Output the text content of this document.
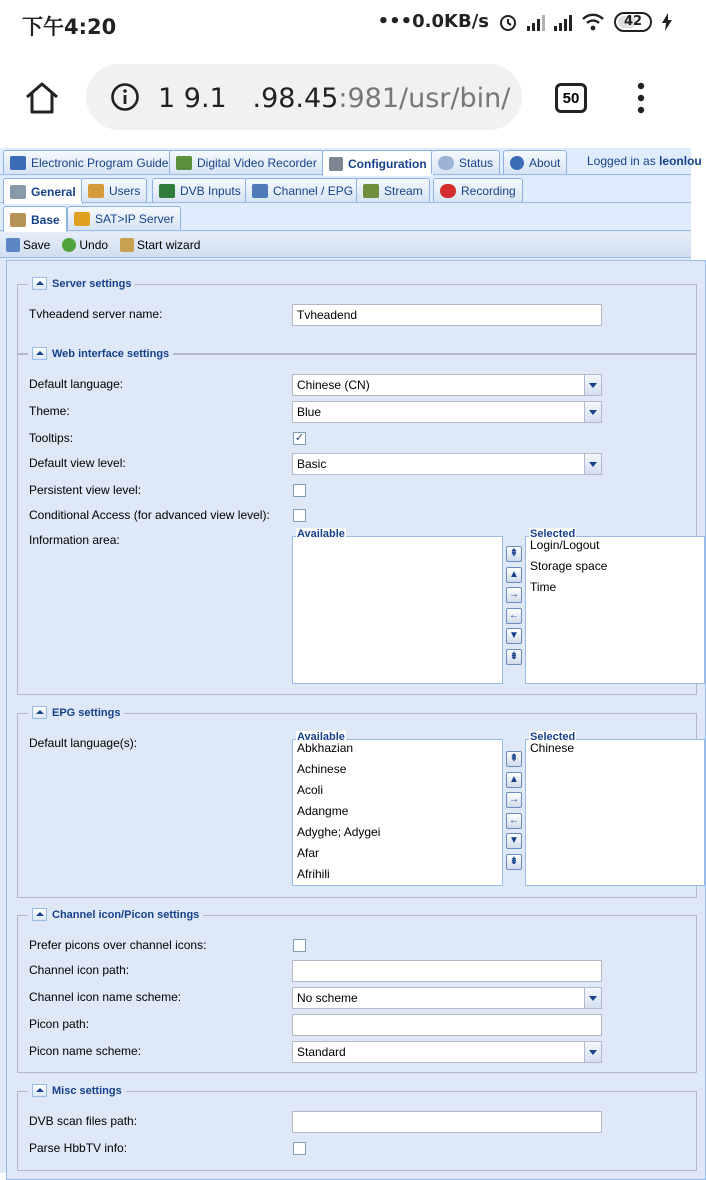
下午4:20	•••0.0KB/s	42
1 9.1 .98.45:981/usr/bin/	50
Electronic Program Guide Digital Video Recorder	Configuration	Status	About Logged in as leonlou
General	Users	DVB Inputs	Channel / EPG	Stream	Recording
Base	SAT>IP Server
Save Undo Start wizard
Server settings
Tvheadend server name:	Tvheadend
Web interface settings
Default language:	Chinese (CN)
Theme:	Blue
Tooltips:	✓
Default view level:	Basic
Persistent view level:
Conditional Access (for advanced view level):
Information area:	Available
⇞
▲
→
←
▼
⇟
Selected
Login/Logout
Storage space
Time
EPG settings
Default language(s):	Available
Abkhazian
Achinese
Acoli
Adangme
Adyghe; Adygei
Afar
Afrihili
⇞
▲
→
←
▼
⇟
Selected
Chinese
Channel icon/Picon settings
Prefer picons over channel icons:
Channel icon path:
Channel icon name scheme:	No scheme
Picon path:
Picon name scheme:	Standard
Misc settings
DVB scan files path:
Parse HbbTV info:
